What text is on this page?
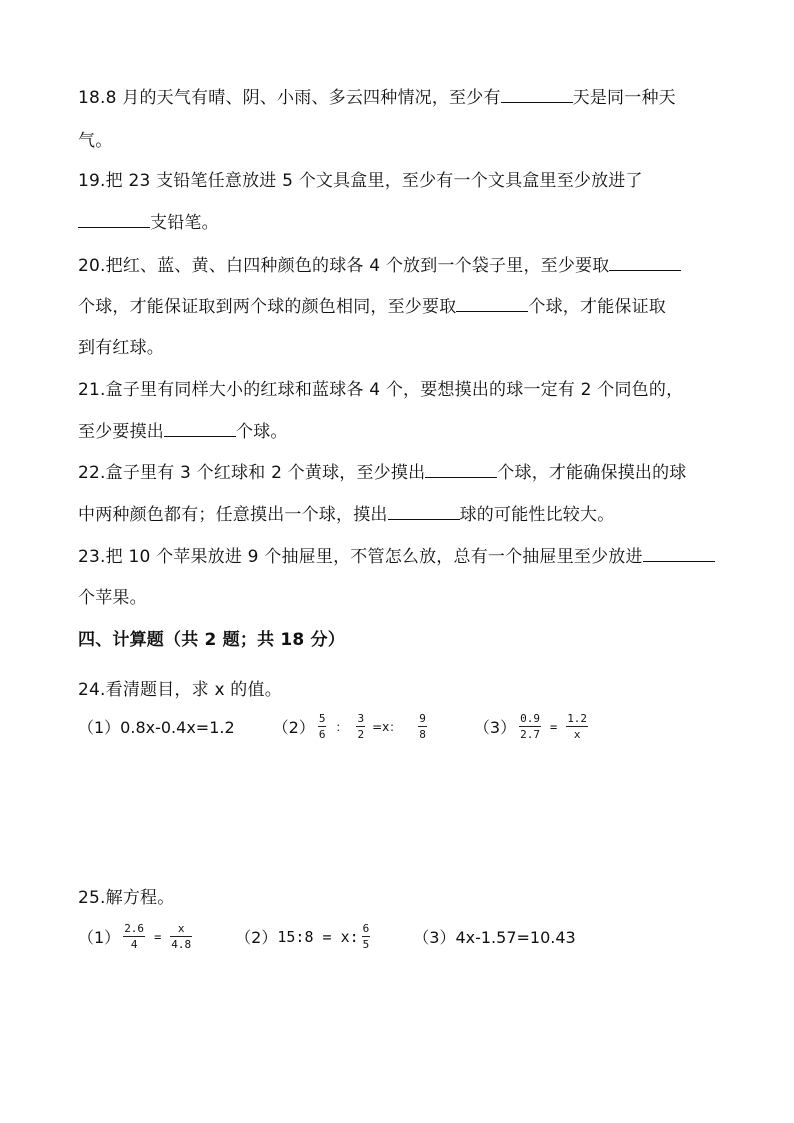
18.8 月的天气有晴、阴、小雨、多云四种情况，至少有	天是同一种天
气。
19.把 23 支铅笔任意放进 5 个文具盒里，至少有一个文具盒里至少放进了
支铅笔。
20.把红、蓝、黄、白四种颜色的球各 4 个放到一个袋子里，至少要取
个球，才能保证取到两个球的颜色相同，至少要取	个球，才能保证取
到有红球。
21.盒子里有同样大小的红球和蓝球各 4 个，要想摸出的球一定有 2 个同色的，
至少要摸出	个球。
22.盒子里有 3 个红球和 2 个黄球，至少摸出	个球，才能确保摸出的球
中两种颜色都有；任意摸出一个球，摸出	球的可能性比较大。
23.把 10 个苹果放进 9 个抽屉里，不管怎么放，总有一个抽屉里至少放进
个苹果。
四、计算题（共 2 题；共 18 分）
24.看清题目，求 x 的值。
（1）0.8x-0.4x=1.2 $(2) \frac{5}{6}$ ： $\frac{3}{2} =x$： $\frac{9}{8}$	$(3) \frac{0.9}{2.7} = \frac{1.2}{x}$
25.解方程。
$(1) \frac{2.6}{4} = \frac{x}{4.8}$	（2） 15:8 = x: $\frac{6}{5}$	（3）4x-1.57=10.43
